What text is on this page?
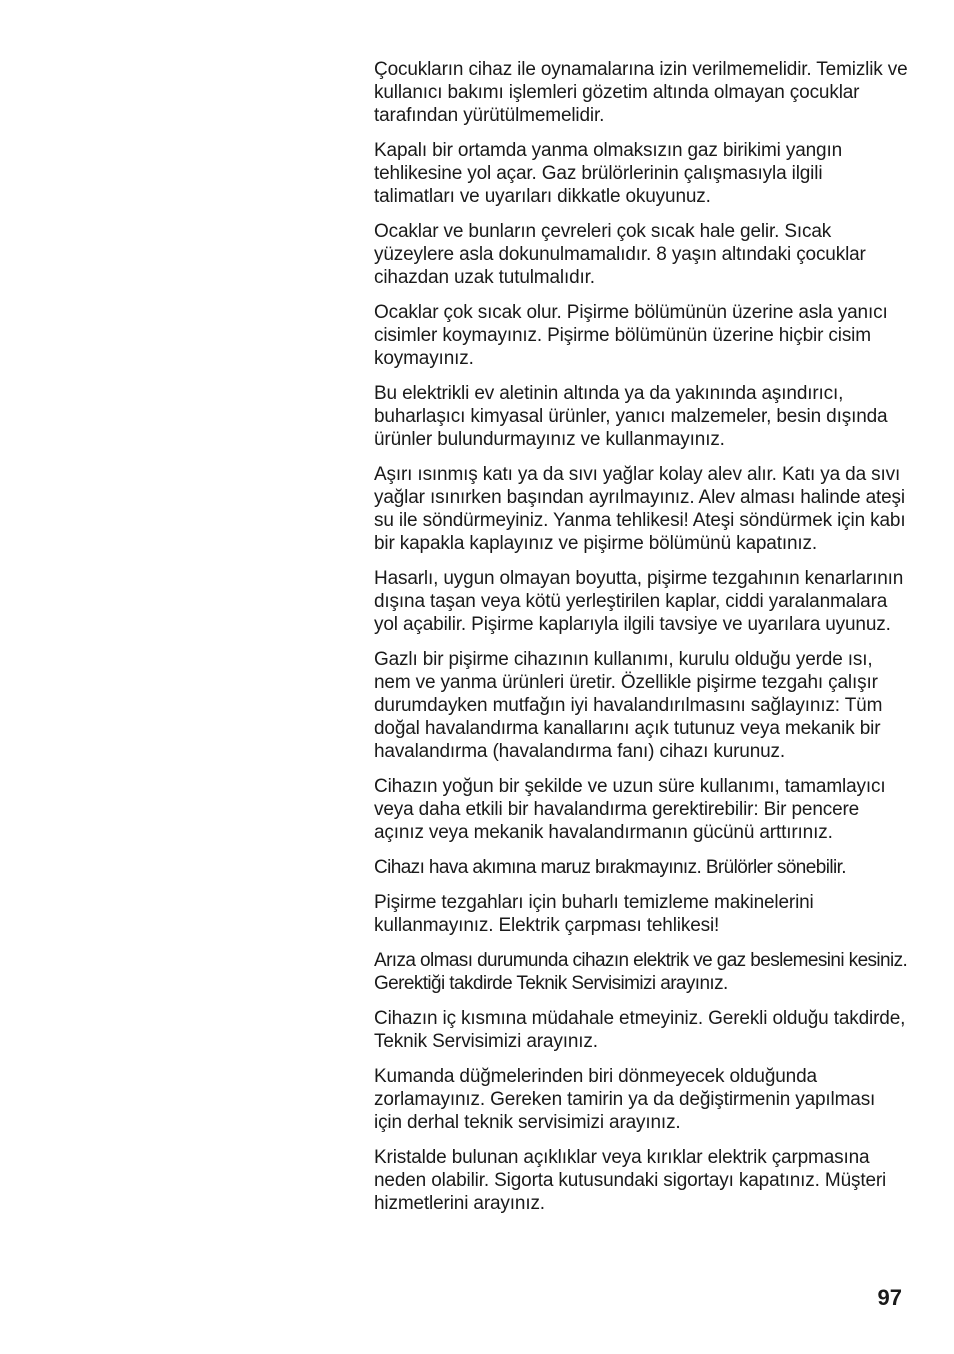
Çocukların cihaz ile oynamalarına izin verilmemelidir. Temizlik ve kullanıcı bakımı işlemleri gözetim altında olmayan çocuklar tarafından yürütülmemelidir.

Kapalı bir ortamda yanma olmaksızın gaz birikimi yangın tehlikesine yol açar. Gaz brülörlerinin çalışmasıyla ilgili talimatları ve uyarıları dikkatle okuyunuz.

Ocaklar ve bunların çevreleri çok sıcak hale gelir. Sıcak yüzeylere asla dokunulmamalıdır. 8 yaşın altındaki çocuklar cihazdan uzak tutulmalıdır.

Ocaklar çok sıcak olur. Pişirme bölümünün üzerine asla yanıcı cisimler koymayınız. Pişirme bölümünün üzerine hiçbir cisim koymayınız.

Bu elektrikli ev aletinin altında ya da yakınında aşındırıcı, buharlaşıcı kimyasal ürünler, yanıcı malzemeler, besin dışında ürünler bulundurmayınız ve kullanmayınız.

Aşırı ısınmış katı ya da sıvı yağlar kolay alev alır. Katı ya da sıvı yağlar ısınırken başından ayrılmayınız. Alev alması halinde ateşi su ile söndürmeyiniz. Yanma tehlikesi! Ateşi söndürmek için kabı bir kapakla kaplayınız ve pişirme bölümünü kapatınız.

Hasarlı, uygun olmayan boyutta, pişirme tezgahının kenarlarının dışına taşan veya kötü yerleştirilen kaplar, ciddi yaralanmalara yol açabilir. Pişirme kaplarıyla ilgili tavsiye ve uyarılara uyunuz.

Gazlı bir pişirme cihazının kullanımı, kurulu olduğu yerde ısı, nem ve yanma ürünleri üretir. Özellikle pişirme tezgahı çalışır durumdayken mutfağın iyi havalandırılmasını sağlayınız: Tüm doğal havalandırma kanallarını açık tutunuz veya mekanik bir havalandırma (havalandırma fanı) cihazı kurunuz.

Cihazın yoğun bir şekilde ve uzun süre kullanımı, tamamlayıcı veya daha etkili bir havalandırma gerektirebilir: Bir pencere açınız veya mekanik havalandırmanın gücünü arttırınız.

Cihazı hava akımına maruz bırakmayınız. Brülörler sönebilir.

Pişirme tezgahları için buharlı temizleme makinelerini kullanmayınız. Elektrik çarpması tehlikesi!

Arıza olması durumunda cihazın elektrik ve gaz beslemesini kesiniz. Gerektiği takdirde Teknik Servisimizi arayınız.

Cihazın iç kısmına müdahale etmeyiniz. Gerekli olduğu takdirde, Teknik Servisimizi arayınız.

Kumanda düğmelerinden biri dönmeyecek olduğunda zorlamayınız. Gereken tamirin ya da değiştirmenin yapılması için derhal teknik servisimizi arayınız.

Kristalde bulunan açıklıklar veya kırıklar elektrik çarpmasına neden olabilir. Sigorta kutusundaki sigortayı kapatınız. Müşteri hizmetlerini arayınız.

97
